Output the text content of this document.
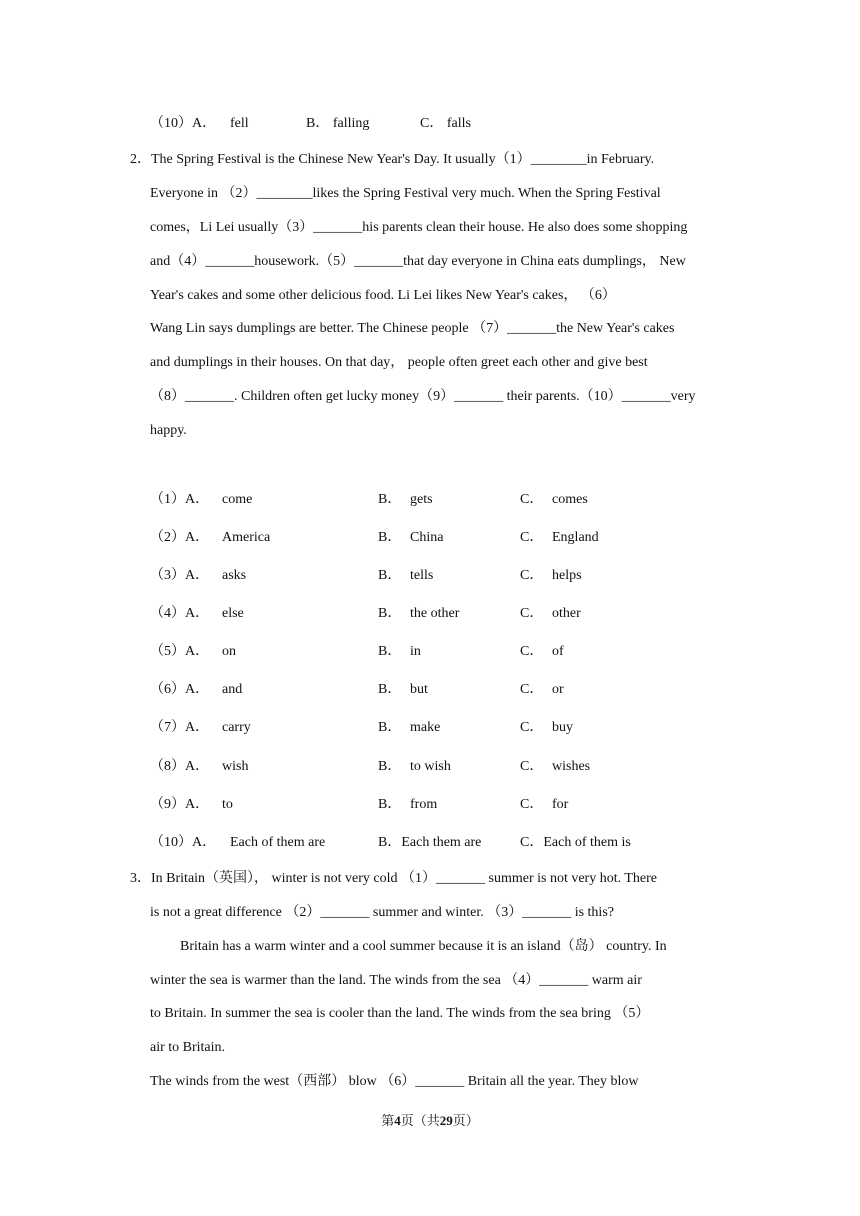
（10）A． fell	B． falling	C． falls
2．The Spring Festival is the Chinese New Year's Day. It usually（1）________in February.
Everyone in （2）________likes the Spring Festival very much. When the Spring Festival
comes，Li Lei usually（3）_______his parents clean their house. He also does some shopping
and（4）_______housework.（5）_______that day everyone in China eats dumplings， New
Year's cakes and some other delicious food. Li Lei likes New Year's cakes， （6）
Wang Lin says dumplings are better. The Chinese people （7）_______the New Year's cakes
and dumplings in their houses. On that day， people often greet each other and give best
（8）_______. Children often get lucky money（9）_______ their parents.（10）_______very
happy.
（1）A． come	B． gets	C． comes
（2）A． America	B． China	C． England
（3）A． asks	B． tells	C． helps
（4）A． else	B． the other	C． other
（5）A． on	B． in	C． of
（6）A． and	B． but	C． or
（7）A． carry	B． make	C． buy
（8）A． wish	B． to wish	C． wishes
（9）A． to	B． from	C． for
（10）A． Each of them are	B．Each them are	C．Each of them is
3．In Britain（英国）， winter is not very cold （1）_______ summer is not very hot. There
is not a great difference （2）_______ summer and winter. （3）_______ is this?
Britain has a warm winter and a cool summer because it is an island（岛） country. In
winter the sea is warmer than the land. The winds from the sea （4）_______ warm air
to Britain. In summer the sea is cooler than the land. The winds from the sea bring （5）
air to Britain.
The winds from the west（西部） blow （6）_______ Britain all the year. They blow
第4页（共29页）
